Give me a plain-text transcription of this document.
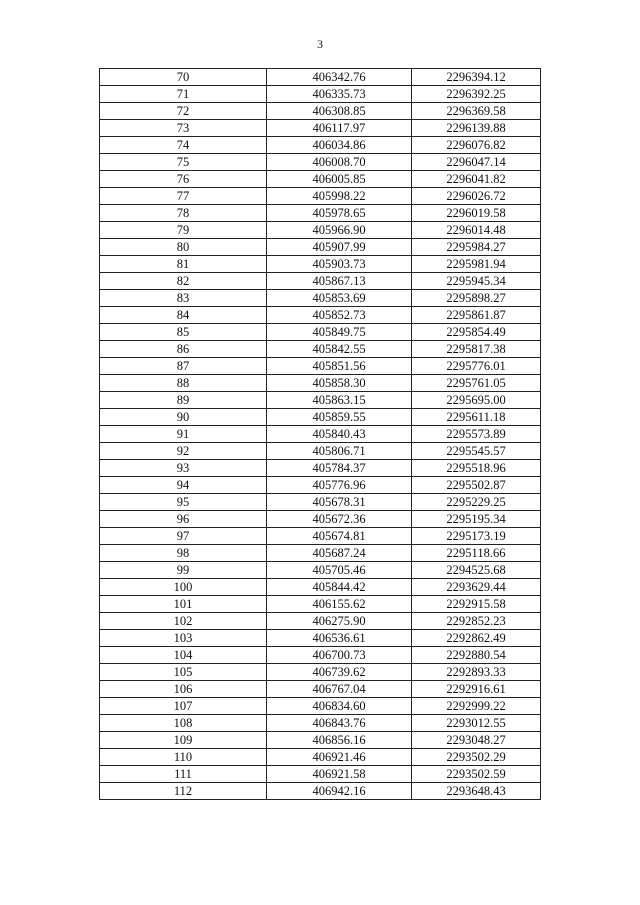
3
70	406342.76	2296394.12
71	406335.73	2296392.25
72	406308.85	2296369.58
73	406117.97	2296139.88
74	406034.86	2296076.82
75	406008.70	2296047.14
76	406005.85	2296041.82
77	405998.22	2296026.72
78	405978.65	2296019.58
79	405966.90	2296014.48
80	405907.99	2295984.27
81	405903.73	2295981.94
82	405867.13	2295945.34
83	405853.69	2295898.27
84	405852.73	2295861.87
85	405849.75	2295854.49
86	405842.55	2295817.38
87	405851.56	2295776.01
88	405858.30	2295761.05
89	405863.15	2295695.00
90	405859.55	2295611.18
91	405840.43	2295573.89
92	405806.71	2295545.57
93	405784.37	2295518.96
94	405776.96	2295502.87
95	405678.31	2295229.25
96	405672.36	2295195.34
97	405674.81	2295173.19
98	405687.24	2295118.66
99	405705.46	2294525.68
100	405844.42	2293629.44
101	406155.62	2292915.58
102	406275.90	2292852.23
103	406536.61	2292862.49
104	406700.73	2292880.54
105	406739.62	2292893.33
106	406767.04	2292916.61
107	406834.60	2292999.22
108	406843.76	2293012.55
109	406856.16	2293048.27
110	406921.46	2293502.29
111	406921.58	2293502.59
112	406942.16	2293648.43
